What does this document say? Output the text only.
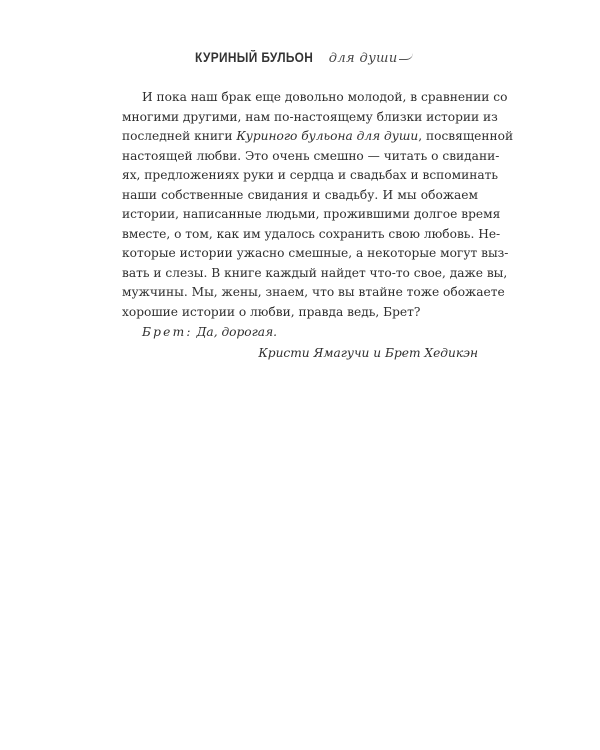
КУРИНЫЙ БУЛЬОН для души
И пока наш брак еще довольно молодой, в сравнении со
многими другими, нам по-настоящему близки истории из
последней книги Куриного бульона для души, посвященной
настоящей любви. Это очень смешно — читать о свидани-
ях, предложениях руки и сердца и свадьбах и вспоминать
наши собственные свидания и свадьбу. И мы обожаем
истории, написанные людьми, прожившими долгое время
вместе, о том, как им удалось сохранить свою любовь. Не-
которые истории ужасно смешные, а некоторые могут выз-
вать и слезы. В книге каждый найдет что-то свое, даже вы,
мужчины. Мы, жены, знаем, что вы втайне тоже обожаете
хорошие истории о любви, правда ведь, Брет?
Брет: Да, дорогая.
Кристи Ямагучи и Брет Хедикэн
